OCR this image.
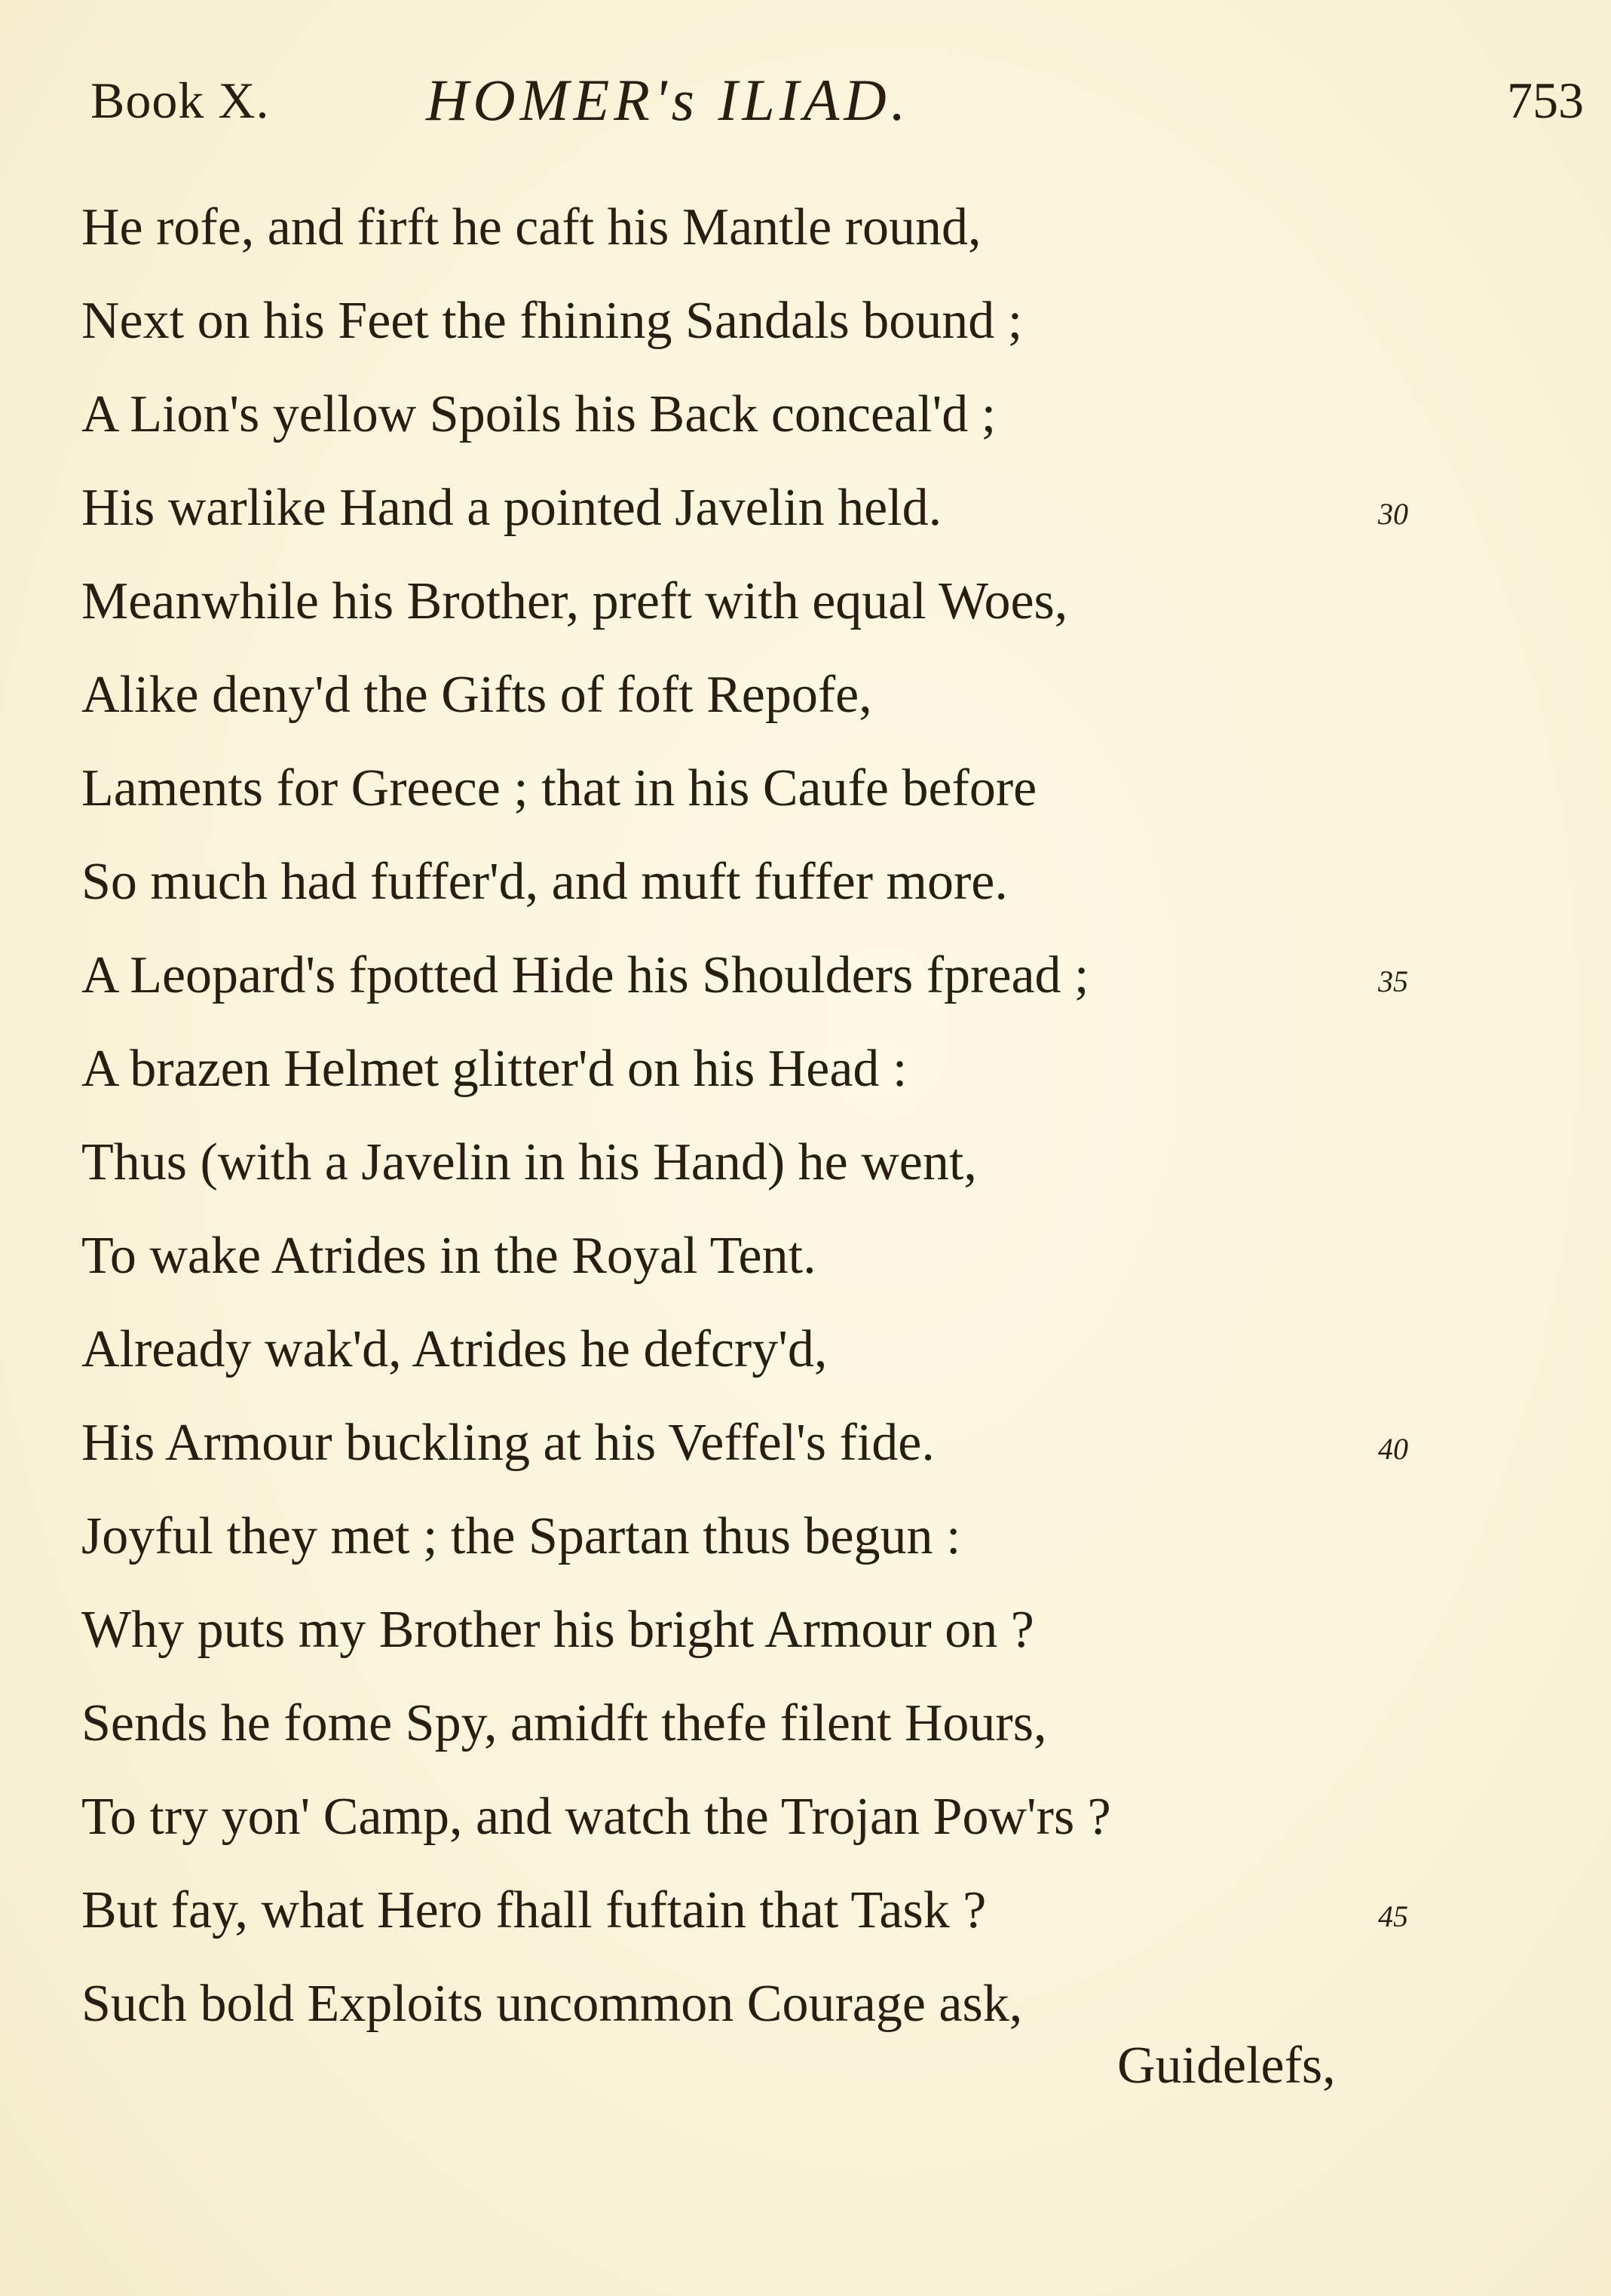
Book X.	HOMER's ILIAD.	753
He rofe, and firft he caft his Mantle round,
Next on his Feet the fhining Sandals bound ;
A Lion's yellow Spoils his Back conceal'd ;
His warlike Hand a pointed Javelin held.	30
Meanwhile his Brother, preft with equal Woes,
Alike deny'd the Gifts of foft Repofe,
Laments for Greece ; that in his Caufe before
So much had fuffer'd, and muft fuffer more.
A Leopard's fpotted Hide his Shoulders fpread ;	35
A brazen Helmet glitter'd on his Head :
Thus (with a Javelin in his Hand) he went,
To wake Atrides in the Royal Tent.
Already wak'd, Atrides he defcry'd,
His Armour buckling at his Veffel's fide.	40
Joyful they met ; the Spartan thus begun :
Why puts my Brother his bright Armour on ?
Sends he fome Spy, amidft thefe filent Hours,
To try yon' Camp, and watch the Trojan Pow'rs ?
But fay, what Hero fhall fuftain that Task ?	45
Such bold Exploits uncommon Courage ask,
Guidelefs,
